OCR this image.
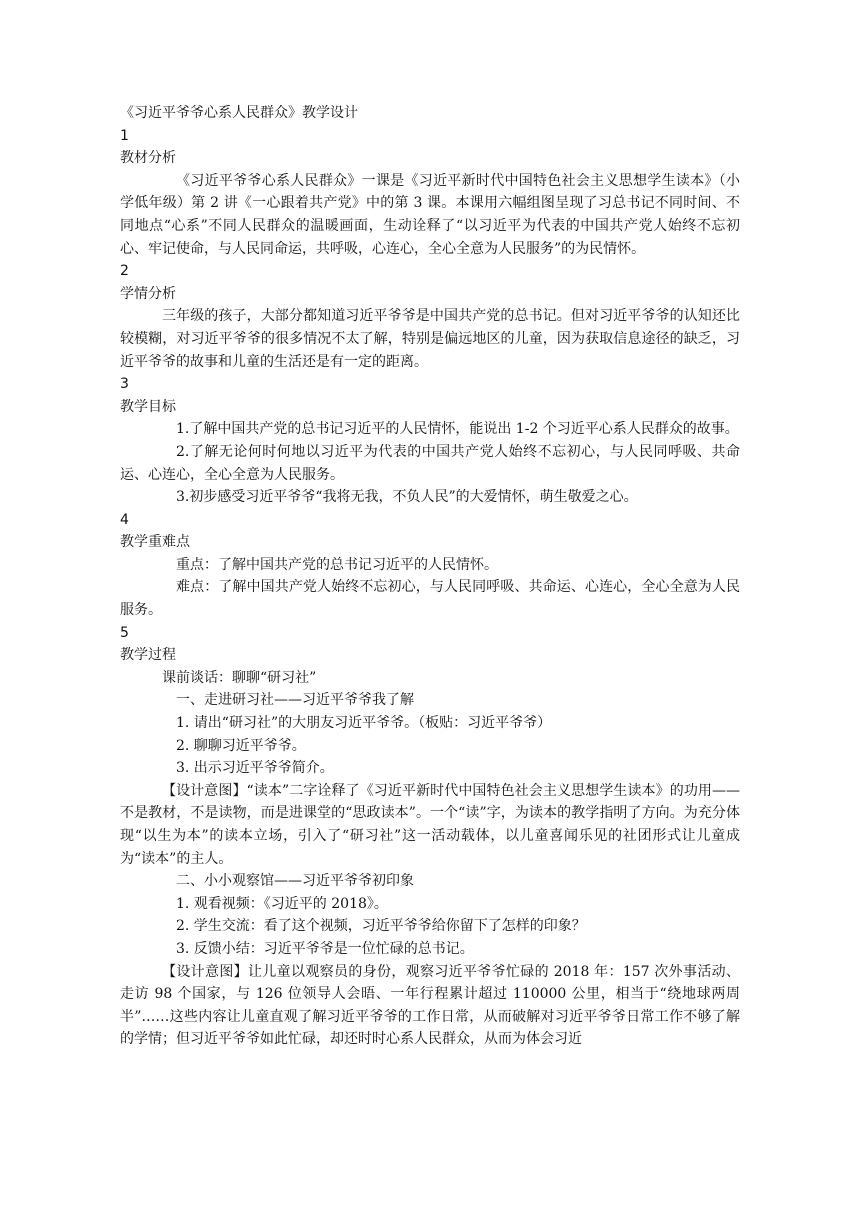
《习近平爷爷心系人民群众》教学设计
1
教材分析
《习近平爷爷心系人民群众》一课是《习近平新时代中国特色社会主义思想学生读本》（小学低年级）第 2 讲《一心跟着共产党》中的第 3 课。本课用六幅组图呈现了习总书记不同时间、不同地点“心系”不同人民群众的温暖画面，生动诠释了“以习近平为代表的中国共产党人始终不忘初心、牢记使命，与人民同命运，共呼吸，心连心，全心全意为人民服务”的为民情怀。
2
学情分析
三年级的孩子，大部分都知道习近平爷爷是中国共产党的总书记。但对习近平爷爷的认知还比较模糊，对习近平爷爷的很多情况不太了解，特别是偏远地区的儿童，因为获取信息途径的缺乏，习近平爷爷的故事和儿童的生活还是有一定的距离。
3
教学目标
1.了解中国共产党的总书记习近平的人民情怀，能说出 1-2 个习近平心系人民群众的故事。
2.了解无论何时何地以习近平为代表的中国共产党人始终不忘初心，与人民同呼吸、共命运、心连心，全心全意为人民服务。
3.初步感受习近平爷爷“我将无我，不负人民”的大爱情怀，萌生敬爱之心。
4
教学重难点
重点：了解中国共产党的总书记习近平的人民情怀。
难点：了解中国共产党人始终不忘初心，与人民同呼吸、共命运、心连心，全心全意为人民服务。
5
教学过程
课前谈话：聊聊“研习社”
一、走进研习社——习近平爷爷我了解
1. 请出“研习社”的大朋友习近平爷爷。（板贴：习近平爷爷）
2. 聊聊习近平爷爷。
3. 出示习近平爷爷简介。
【设计意图】“读本”二字诠释了《习近平新时代中国特色社会主义思想学生读本》的功用——不是教材，不是读物，而是进课堂的“思政读本”。一个“读”字，为读本的教学指明了方向。为充分体现“以生为本”的读本立场，引入了“研习社”这一活动载体，以儿童喜闻乐见的社团形式让儿童成为“读本”的主人。
二、小小观察馆——习近平爷爷初印象
1. 观看视频：《习近平的 2018》。
2. 学生交流：看了这个视频，习近平爷爷给你留下了怎样的印象？
3. 反馈小结：习近平爷爷是一位忙碌的总书记。
【设计意图】让儿童以观察员的身份，观察习近平爷爷忙碌的 2018 年：157 次外事活动、走访 98 个国家，与 126 位领导人会晤、一年行程累计超过 110000 公里，相当于“绕地球两周半”……这些内容让儿童直观了解习近平爷爷的工作日常，从而破解对习近平爷爷日常工作不够了解的学情；但习近平爷爷如此忙碌，却还时时心系人民群众，从而为体会习近
